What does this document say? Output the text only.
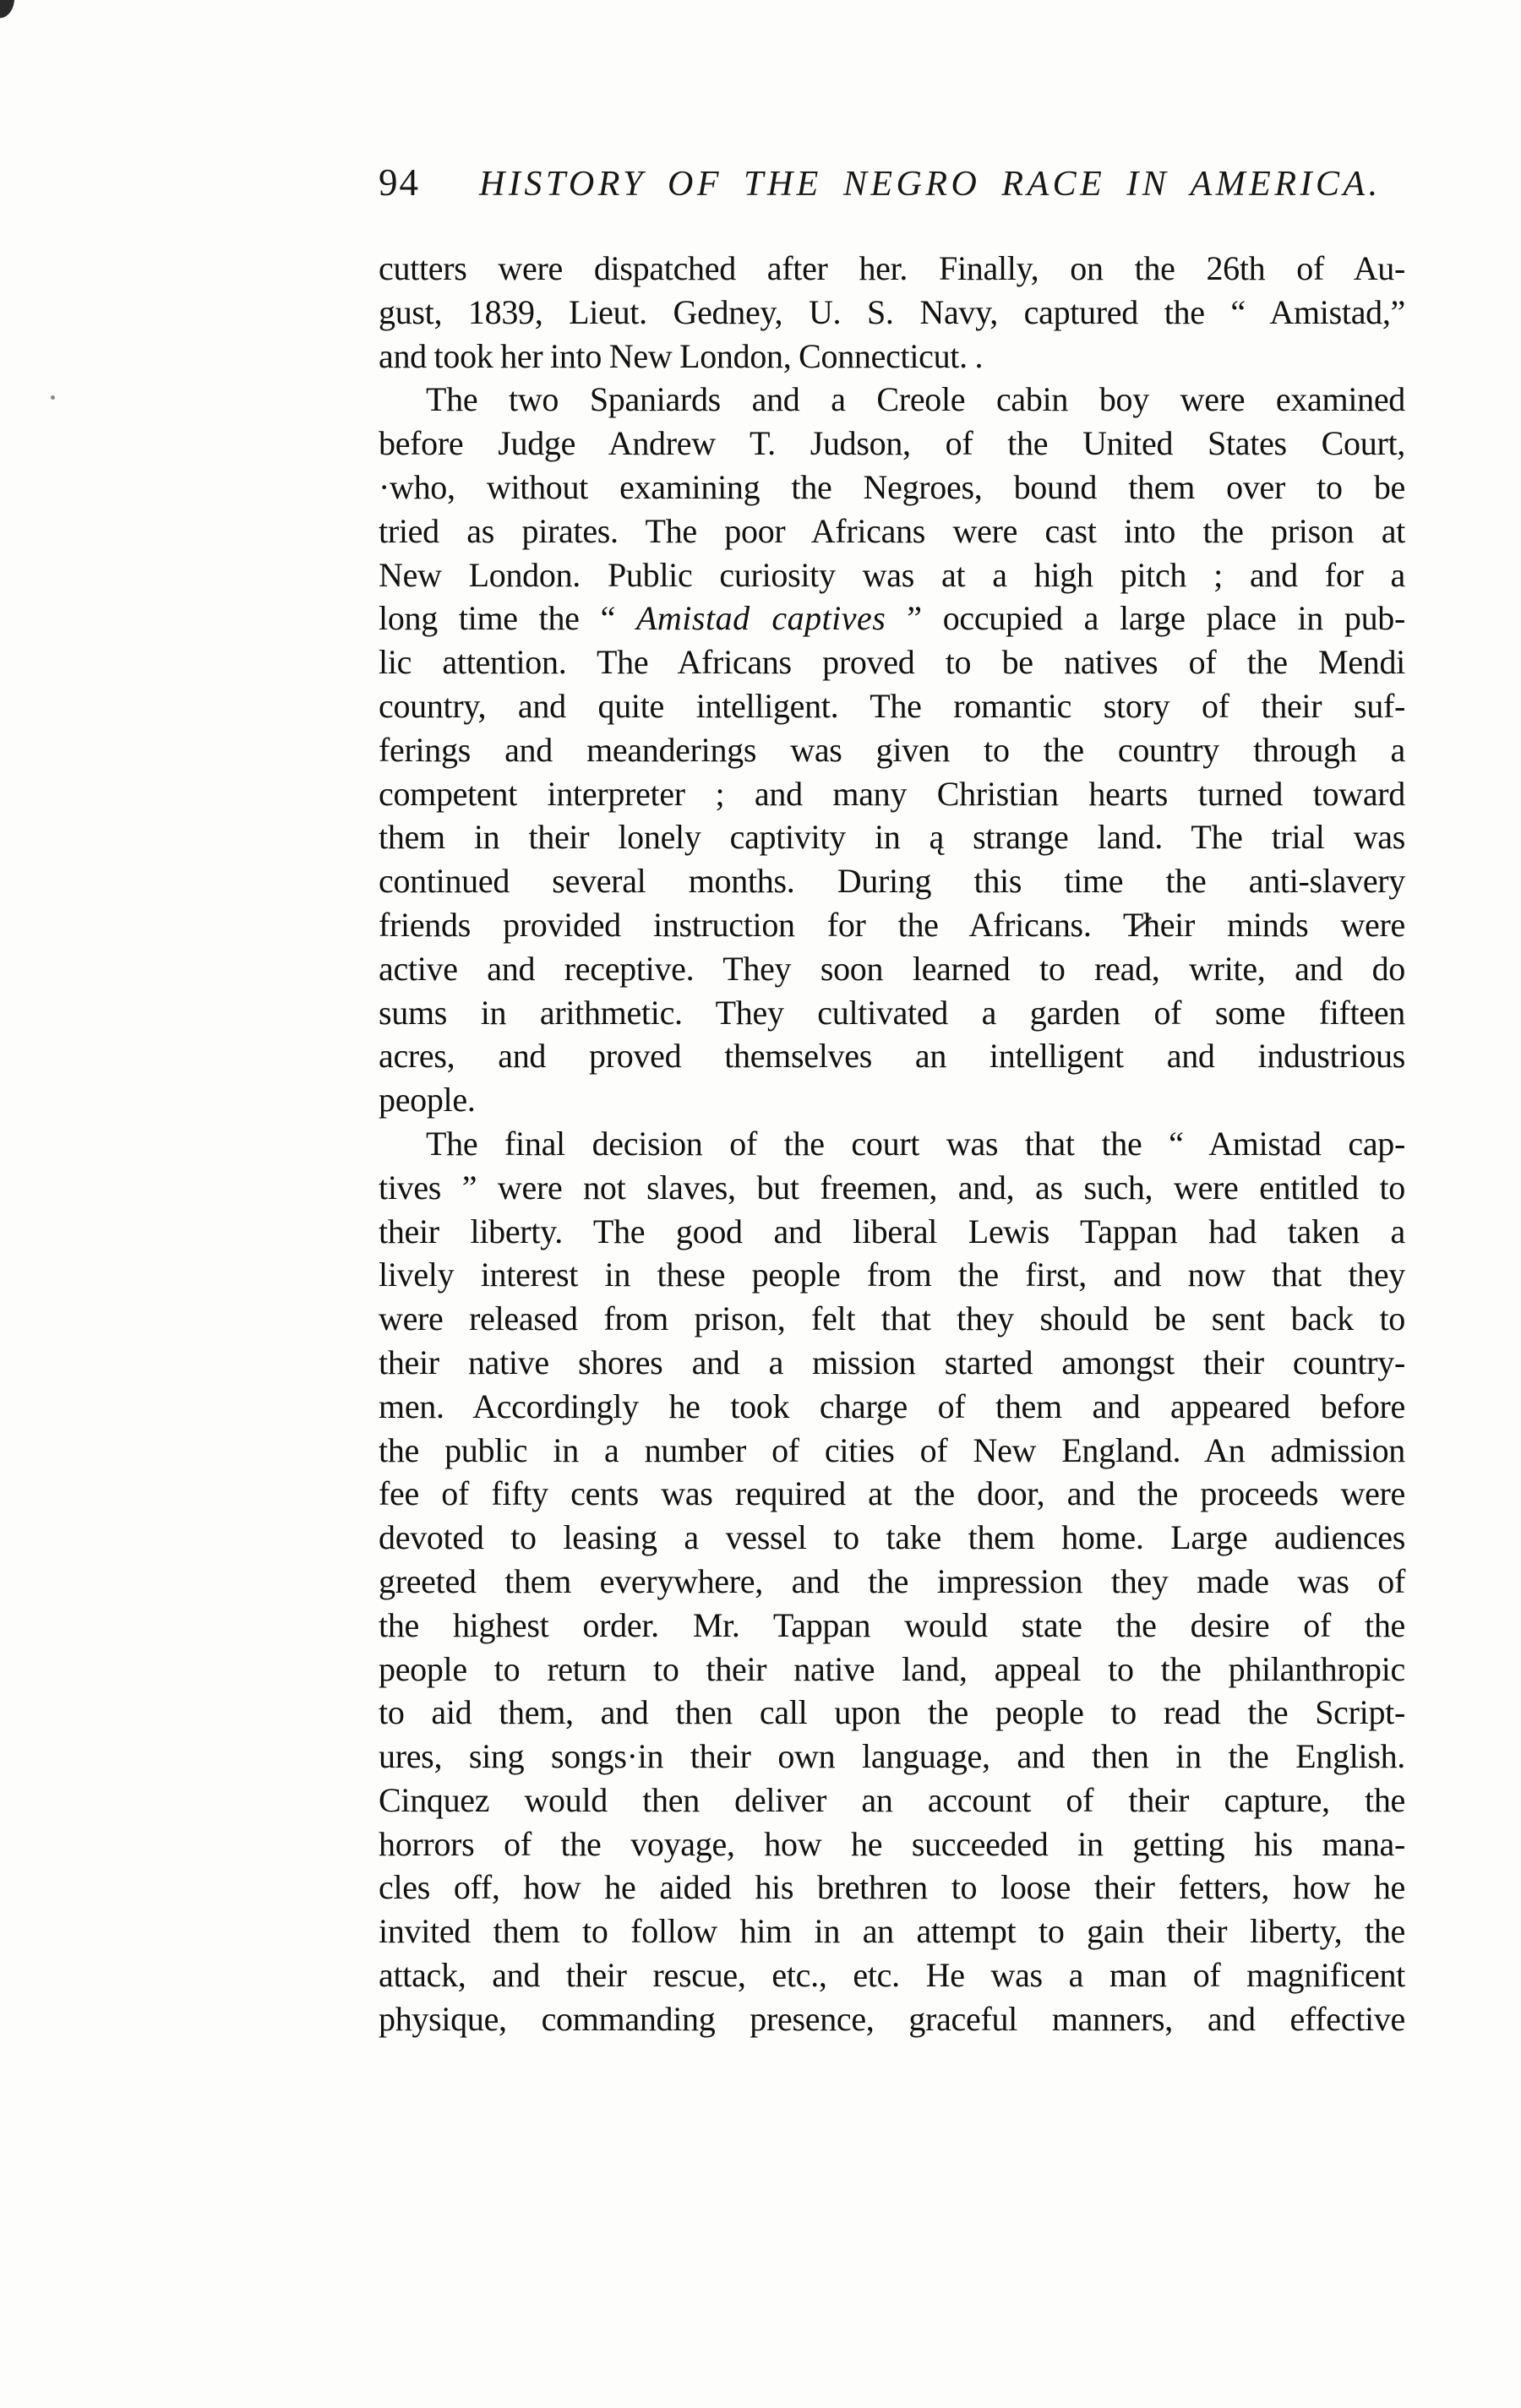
94 HISTORY OF THE NEGRO RACE IN AMERICA.
cutters were dispatched after her. Finally, on the 26th of Au-
gust, 1839, Lieut. Gedney, U. S. Navy, captured the “ Amistad,”
and took her into New London, Connecticut. .
The two Spaniards and a Creole cabin boy were examined
before Judge Andrew T. Judson, of the United States Court,
·who, without examining the Negroes, bound them over to be
tried as pirates. The poor Africans were cast into the prison at
New London. Public curiosity was at a high pitch ; and for a
long time the “ Amistad captives ” occupied a large place in pub-
lic attention. The Africans proved to be natives of the Mendi
country, and quite intelligent. The romantic story of their suf-
ferings and meanderings was given to the country through a
competent interpreter ; and many Christian hearts turned toward
them in their lonely captivity in ą strange land. The trial was
continued several months. During this time the anti-slavery
friends provided instruction for the Africans. Their minds were
active and receptive. They soon learned to read, write, and do
sums in arithmetic. They cultivated a garden of some fifteen
acres, and proved themselves an intelligent and industrious
people.
The final decision of the court was that the “ Amistad cap-
tives ” were not slaves, but freemen, and, as such, were entitled to
their liberty. The good and liberal Lewis Tappan had taken a
lively interest in these people from the first, and now that they
were released from prison, felt that they should be sent back to
their native shores and a mission started amongst their country-
men. Accordingly he took charge of them and appeared before
the public in a number of cities of New England. An admission
fee of fifty cents was required at the door, and the proceeds were
devoted to leasing a vessel to take them home. Large audiences
greeted them everywhere, and the impression they made was of
the highest order. Mr. Tappan would state the desire of the
people to return to their native land, appeal to the philanthropic
to aid them, and then call upon the people to read the Script-
ures, sing songs·in their own language, and then in the English.
Cinquez would then deliver an account of their capture, the
horrors of the voyage, how he succeeded in getting his mana-
cles off, how he aided his brethren to loose their fetters, how he
invited them to follow him in an attempt to gain their liberty, the
attack, and their rescue, etc., etc. He was a man of magnificent
physique, commanding presence, graceful manners, and effective
